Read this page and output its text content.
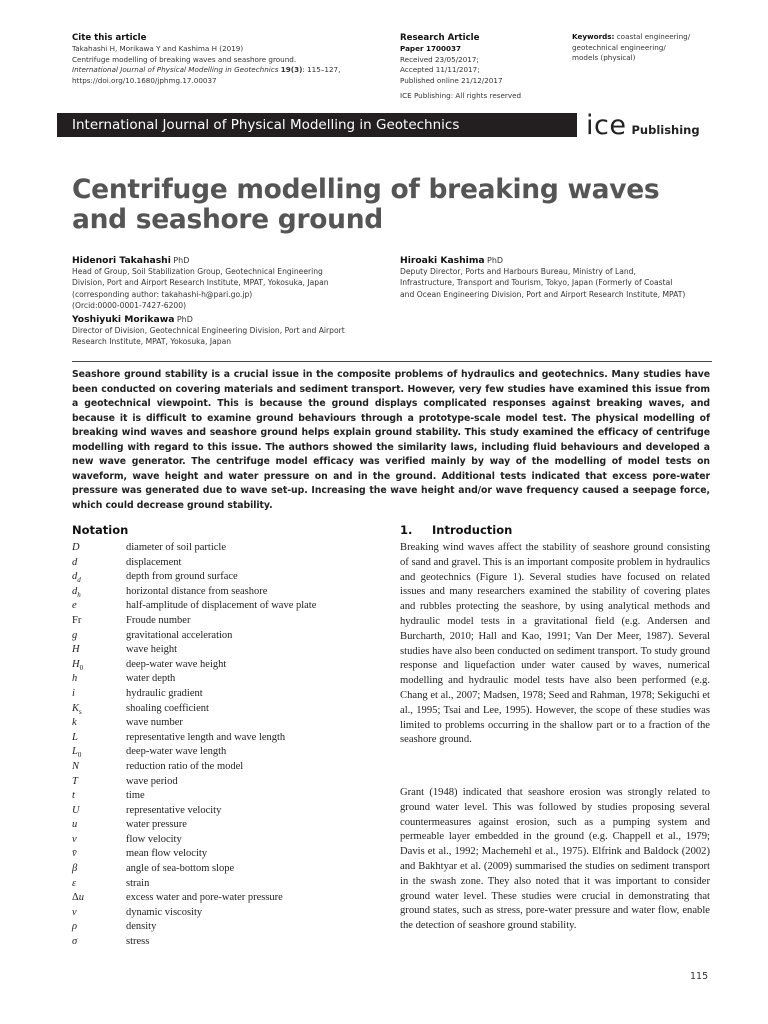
Cite this article
Takahashi H, Morikawa Y and Kashima H (2019)
Centrifuge modelling of breaking waves and seashore ground.
International Journal of Physical Modelling in Geotechnics 19(3): 115–127,
https://doi.org/10.1680/jphmg.17.00037
Research Article
Paper 1700037
Received 23/05/2017;
Accepted 11/11/2017;
Published online 21/12/2017
ICE Publishing: All rights reserved
Keywords: coastal engineering/
geotechnical engineering/
models (physical)
International Journal of Physical Modelling in Geotechnics	ice Publishing
Centrifuge modelling of breaking waves
and seashore ground
Hidenori Takahashi PhD
Head of Group, Soil Stabilization Group, Geotechnical Engineering
Division, Port and Airport Research Institute, MPAT, Yokosuka, Japan
(corresponding author: takahashi-h@pari.go.jp)
(Orcid:0000-0001-7427-6200)
Hiroaki Kashima PhD
Deputy Director, Ports and Harbours Bureau, Ministry of Land,
Infrastructure, Transport and Tourism, Tokyo, Japan (Formerly of Coastal
and Ocean Engineering Division, Port and Airport Research Institute, MPAT)
Yoshiyuki Morikawa PhD
Director of Division, Geotechnical Engineering Division, Port and Airport
Research Institute, MPAT, Yokosuka, Japan
Seashore ground stability is a crucial issue in the composite problems of hydraulics and geotechnics. Many studies have been conducted on covering materials and sediment transport. However, very few studies have examined this issue from a geotechnical viewpoint. This is because the ground displays complicated responses against breaking waves, and because it is difficult to examine ground behaviours through a prototype-scale model test. The physical modelling of breaking wind waves and seashore ground helps explain ground stability. This study examined the efficacy of centrifuge modelling with regard to this issue. The authors showed the similarity laws, including fluid behaviours and developed a new wave generator. The centrifuge model efficacy was verified mainly by way of the modelling of model tests on waveform, wave height and water pressure on and in the ground. Additional tests indicated that excess pore-water pressure was generated due to wave set-up. Increasing the wave height and/or wave frequency caused a seepage force, which could decrease ground stability.
Notation
D	diameter of soil particle
d	displacement
$d_d$	depth from ground surface
$d_h$	horizontal distance from seashore
e	half-amplitude of displacement of wave plate
Fr	Froude number
g	gravitational acceleration
H	wave height
$H_0$	deep-water wave height
h	water depth
i	hydraulic gradient
$K_s$	shoaling coefficient
k	wave number
L	representative length and wave length
$L_0$	deep-water wave length
N	reduction ratio of the model
T	wave period
t	time
U	representative velocity
u	water pressure
v	flow velocity
v̄	mean flow velocity
β	angle of sea-bottom slope
ε	strain
Δu	excess water and pore-water pressure
ν	dynamic viscosity
ρ	density
σ	stress
1. Introduction
Breaking wind waves affect the stability of seashore ground consisting of sand and gravel. This is an important composite problem in hydraulics and geotechnics (Figure 1). Several studies have focused on related issues and many researchers examined the stability of covering plates and rubbles protecting the seashore, by using analytical methods and hydraulic model tests in a gravitational field (e.g. Andersen and Burcharth, 2010; Hall and Kao, 1991; Van Der Meer, 1987). Several studies have also been conducted on sediment transport. To study ground response and liquefaction under water caused by waves, numerical modelling and hydraulic model tests have also been performed (e.g. Chang et al., 2007; Madsen, 1978; Seed and Rahman, 1978; Sekiguchi et al., 1995; Tsai and Lee, 1995). However, the scope of these studies was limited to problems occurring in the shallow part or to a fraction of the seashore ground.
Grant (1948) indicated that seashore erosion was strongly related to ground water level. This was followed by studies proposing several countermeasures against erosion, such as a pumping system and permeable layer embedded in the ground (e.g. Chappell et al., 1979; Davis et al., 1992; Machemehl et al., 1975). Elfrink and Baldock (2002) and Bakhtyar et al. (2009) summarised the studies on sediment transport in the swash zone. They also noted that it was important to consider ground water level. These studies were crucial in demonstrating that ground states, such as stress, pore-water pressure and water flow, enable the detection of seashore ground stability.
115
